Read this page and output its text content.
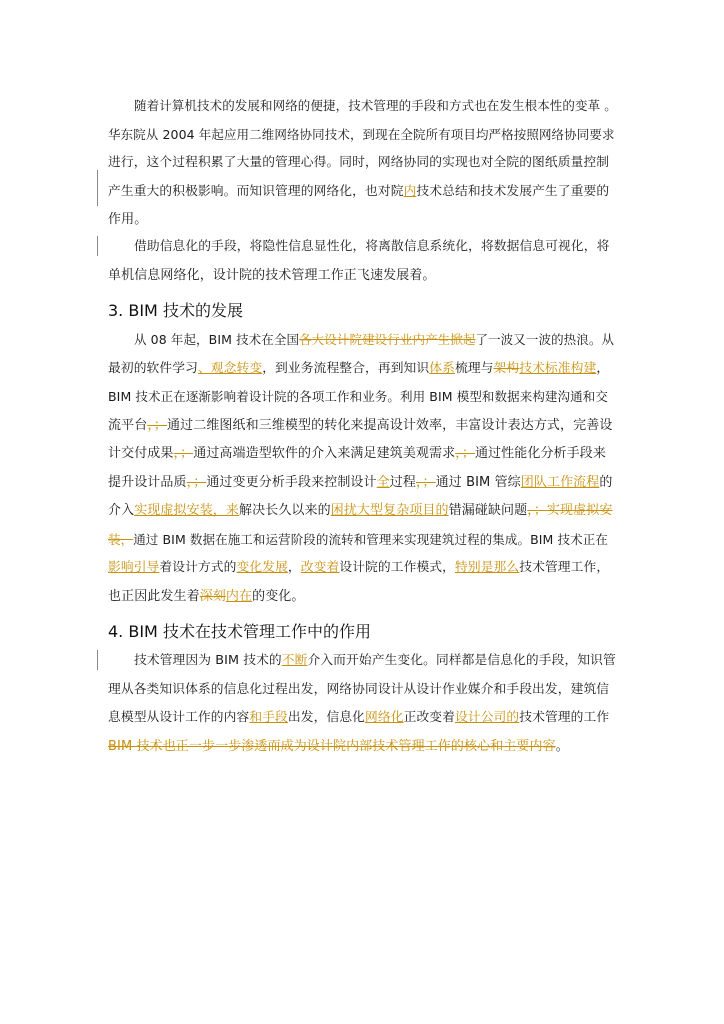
随着计算机技术的发展和网络的便捷，技术管理的手段和方式也在发生根本性的变革 。
华东院从 2004 年起应用二维网络协同技术，到现在全院所有项目均严格按照网络协同要求
进行，这个过程积累了大量的管理心得。同时，网络协同的实现也对全院的图纸质量控制
产生重大的积极影响。而知识管理的网络化，也对院内技术总结和技术发展产生了重要的
作用。
借助信息化的手段，将隐性信息显性化，将离散信息系统化，将数据信息可视化，将
单机信息网络化，设计院的技术管理工作正飞速发展着。
3. BIM 技术的发展
从 08 年起，BIM 技术在全国各大设计院建设行业内产生掀起了一波又一波的热浪。从
最初的软件学习、观念转变，到业务流程整合，再到知识体系梳理与架构技术标准构建，
BIM 技术正在逐渐影响着设计院的各项工作和业务。利用 BIM 模型和数据来构建沟通和交
流平台，；通过二维图纸和三维模型的转化来提高设计效率，丰富设计表达方式，完善设
计交付成果，；通过高端造型软件的介入来满足建筑美观需求，；通过性能化分析手段来
提升设计品质，；通过变更分析手段来控制设计全过程，；通过 BIM 管综团队工作流程的
介入实现虚拟安装，来解决长久以来的困扰大型复杂项目的错漏碰缺问题，；实现虚拟安
装，通过 BIM 数据在施工和运营阶段的流转和管理来实现建筑过程的集成。BIM 技术正在
影响引导着设计方式的变化发展，改变着设计院的工作模式，特别是那么技术管理工作，
也正因此发生着深刻内在的变化。
4. BIM 技术在技术管理工作中的作用
技术管理因为 BIM 技术的不断介入而开始产生变化。同样都是信息化的手段，知识管
理从各类知识体系的信息化过程出发，网络协同设计从设计作业媒介和手段出发，建筑信
息模型从设计工作的内容和手段出发，信息化网络化正改变着设计公司的技术管理的工作
BIM 技术也正一步一步渗透而成为设计院内部技术管理工作的核心和主要内容。
